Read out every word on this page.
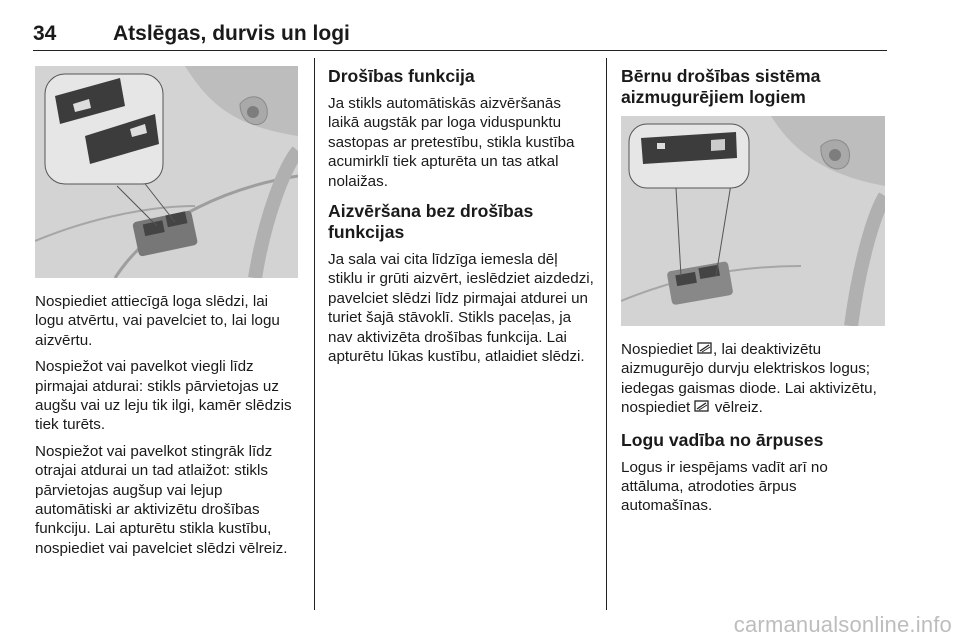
34	Atslēgas, durvis un logi

Nospiediet attiecīgā loga slēdzi, lai logu atvērtu, vai pavelciet to, lai logu aizvērtu.

Nospiežot vai pavelkot viegli līdz pirmajai atdurai: stikls pārvietojas uz augšu vai uz leju tik ilgi, kamēr slēdzis tiek turēts.

Nospiežot vai pavelkot stingrāk līdz otrajai atdurai un tad atlaižot: stikls pārvietojas augšup vai lejup automātiski ar aktivizētu drošības funkciju. Lai apturētu stikla kustību, nospiediet vai pavelciet slēdzi vēlreiz.

Drošības funkcija

Ja stikls automātiskās aizvēršanās laikā augstāk par loga viduspunktu sastopas ar pretestību, stikla kustība acumirklī tiek apturēta un tas atkal nolaižas.

Aizvēršana bez drošības funkcijas

Ja sala vai cita līdzīga iemesla dēļ stiklu ir grūti aizvērt, ieslēdziet aizdedzi, pavelciet slēdzi līdz pirmajai atdurei un turiet šajā stāvoklī. Stikls paceļas, ja nav aktivizēta drošības funkcija. Lai apturētu lūkas kustību, atlaidiet slēdzi.

Bērnu drošības sistēma aizmugurējiem logiem

Nospiediet , lai deaktivizētu aizmugurējo durvju elektriskos logus; iedegas gaismas diode. Lai aktivizētu, nospiediet  vēlreiz.

Logu vadība no ārpuses

Logus ir iespējams vadīt arī no attāluma, atrodoties ārpus automašīnas.

carmanualsonline.info
